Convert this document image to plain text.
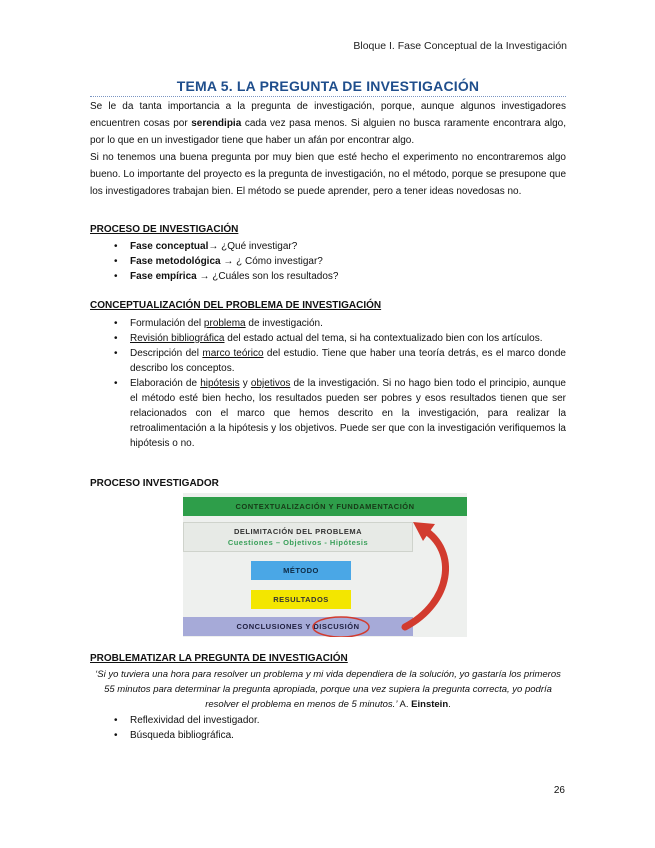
Bloque I. Fase Conceptual de la Investigación
TEMA 5. LA PREGUNTA DE INVESTIGACIÓN

Se le da tanta importancia a la pregunta de investigación, porque, aunque algunos investigadores encuentren cosas por serendipia cada vez pasa menos. Si alguien no busca raramente encontrara algo, por lo que en un investigador tiene que haber un afán por encontrar algo.

Si no tenemos una buena pregunta por muy bien que esté hecho el experimento no encontraremos algo bueno. Lo importante del proyecto es la pregunta de investigación, no el método, porque se presupone que los investigadores trabajan bien. El método se puede aprender, pero a tener ideas novedosas no.

PROCESO DE INVESTIGACIÓN
• Fase conceptual→ ¿Qué investigar?
• Fase metodológica → ¿ Cómo investigar?
• Fase empírica → ¿Cuáles son los resultados?
CONCEPTUALIZACIÓN DEL PROBLEMA DE INVESTIGACIÓN
• Formulación del problema de investigación.
• Revisión bibliográfica del estado actual del tema, si ha contextualizado bien con los artículos.
• Descripción del marco teórico del estudio. Tiene que haber una teoría detrás, es el marco donde describo los conceptos.
• Elaboración de hipótesis y objetivos de la investigación. Si no hago bien todo el principio, aunque el método esté bien hecho, los resultados pueden ser pobres y esos resultados tienen que ser relacionados con el marco que hemos descrito en la investigación, para realizar la retroalimentación a la hipótesis y los objetivos. Puede ser que con la investigación verifiquemos la hipótesis o no.
PROCESO INVESTIGADOR
CONTEXTUALIZACIÓN Y FUNDAMENTACIÓN
DELIMITACIÓN DEL PROBLEMA
Cuestiones – Objetivos - Hipótesis
MÉTODO
RESULTADOS
CONCLUSIONES Y DISCUSIÓN
PROBLEMATIZAR LA PREGUNTA DE INVESTIGACIÓN
‘Si yo tuviera una hora para resolver un problema y mi vida dependiera de la solución, yo gastaría los primeros 55 minutos para determinar la pregunta apropiada, porque una vez supiera la pregunta correcta, yo podría resolver el problema en menos de 5 minutos.’ A. Einstein.
• Reflexividad del investigador.
• Búsqueda bibliográfica.
26
